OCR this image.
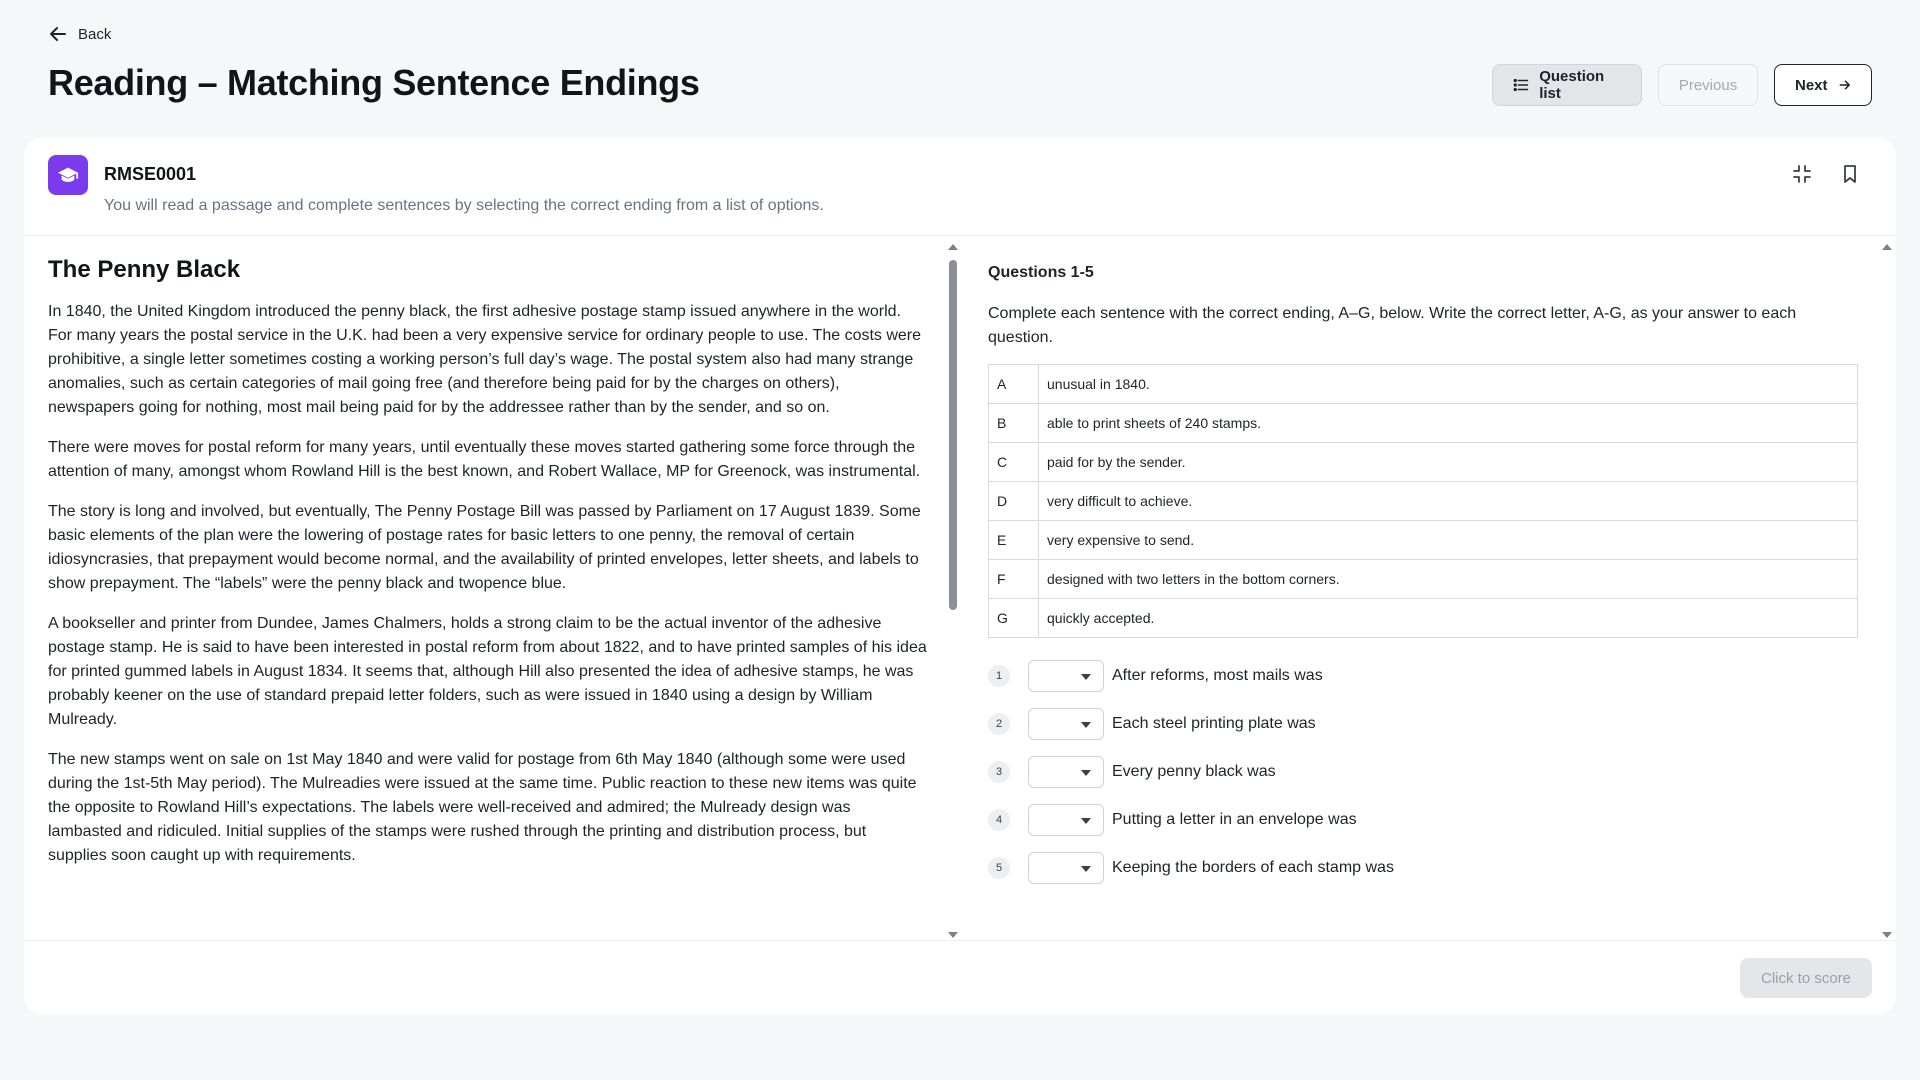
Back
Reading – Matching Sentence Endings	Question list	Previous	Next
RMSE0001
You will read a passage and complete sentences by selecting the correct ending from a list of options.
The Penny Black

In 1840, the United Kingdom introduced the penny black, the first adhesive postage stamp issued anywhere in the world. For many years the postal service in the U.K. had been a very expensive service for ordinary people to use. The costs were prohibitive, a single letter sometimes costing a working person’s full day’s wage. The postal system also had many strange anomalies, such as certain categories of mail going free (and therefore being paid for by the charges on others), newspapers going for nothing, most mail being paid for by the addressee rather than by the sender, and so on.

There were moves for postal reform for many years, until eventually these moves started gathering some force through the attention of many, amongst whom Rowland Hill is the best known, and Robert Wallace, MP for Greenock, was instrumental.

The story is long and involved, but eventually, The Penny Postage Bill was passed by Parliament on 17 August 1839. Some basic elements of the plan were the lowering of postage rates for basic letters to one penny, the removal of certain idiosyncrasies, that prepayment would become normal, and the availability of printed envelopes, letter sheets, and labels to show prepayment. The “labels” were the penny black and twopence blue.

A bookseller and printer from Dundee, James Chalmers, holds a strong claim to be the actual inventor of the adhesive postage stamp. He is said to have been interested in postal reform from about 1822, and to have printed samples of his idea for printed gummed labels in August 1834. It seems that, although Hill also presented the idea of adhesive stamps, he was probably keener on the use of standard prepaid letter folders, such as were issued in 1840 using a design by William Mulready.

The new stamps went on sale on 1st May 1840 and were valid for postage from 6th May 1840 (although some were used during the 1st-5th May period). The Mulreadies were issued at the same time. Public reaction to these new items was quite the opposite to Rowland Hill’s expectations. The labels were well-received and admired; the Mulready design was lambasted and ridiculed. Initial supplies of the stamps were rushed through the printing and distribution process, but supplies soon caught up with requirements.

Questions 1-5
Complete each sentence with the correct ending, A–G, below. Write the correct letter, A-G, as your answer to each question.
A	unusual in 1840.
B	able to print sheets of 240 stamps.
C	paid for by the sender.
D	very difficult to achieve.
E	very expensive to send.
F	designed with two letters in the bottom corners.
G	quickly accepted.
1	After reforms, most mails was
2	Each steel printing plate was
3	Every penny black was
4	Putting a letter in an envelope was
5	Keeping the borders of each stamp was
Click to score
